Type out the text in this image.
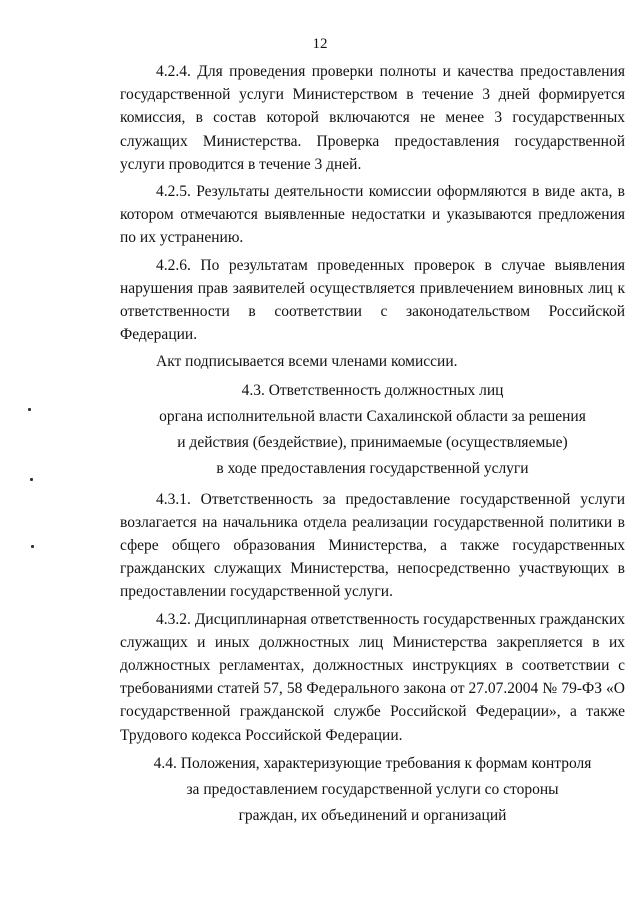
12

4.2.4. Для проведения проверки полноты и качества предоставления государственной услуги Министерством в течение 3 дней формируется комиссия, в состав которой включаются не менее 3 государственных служащих Министерства. Проверка предоставления государственной услуги проводится в течение 3 дней.

4.2.5. Результаты деятельности комиссии оформляются в виде акта, в котором отмечаются выявленные недостатки и указываются предложения по их устранению.

4.2.6. По результатам проведенных проверок в случае выявления нарушения прав заявителей осуществляется привлечением виновных лиц к ответственности в соответствии с законодательством Российской Федерации.

Акт подписывается всеми членами комиссии.

4.3. Ответственность должностных лиц

органа исполнительной власти Сахалинской области за решения

и действия (бездействие), принимаемые (осуществляемые)

в ходе предоставления государственной услуги

4.3.1. Ответственность за предоставление государственной услуги возлагается на начальника отдела реализации государственной политики в сфере общего образования Министерства, а также государственных гражданских служащих Министерства, непосредственно участвующих в предоставлении государственной услуги.

4.3.2. Дисциплинарная ответственность государственных гражданских служащих и иных должностных лиц Министерства закрепляется в их должностных регламентах, должностных инструкциях в соответствии с требованиями статей 57, 58 Федерального закона от 27.07.2004 № 79-ФЗ «О государственной гражданской службе Российской Федерации», а также Трудового кодекса Российской Федерации.

4.4. Положения, характеризующие требования к формам контроля

за предоставлением государственной услуги со стороны

граждан, их объединений и организаций
